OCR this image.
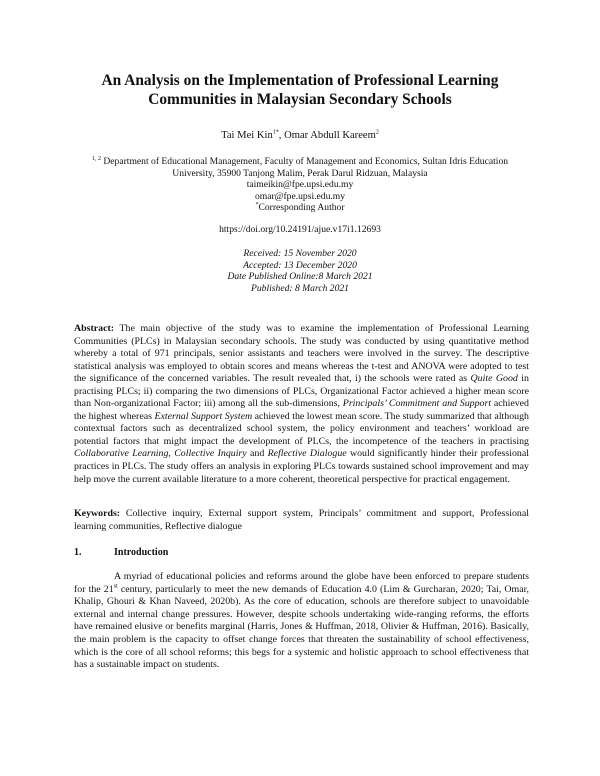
An Analysis on the Implementation of Professional Learning
Communities in Malaysian Secondary Schools
Tai Mei Kin$^{1*}$, Omar Abdull Kareem$^2$
$^{1, 2}$ Department of Educational Management, Faculty of Management and Economics, Sultan Idris Education
University, 35900 Tanjong Malim, Perak Darul Ridzuan, Malaysia
taimeikin@fpe.upsi.edu.my
omar@fpe.upsi.edu.my
*Corresponding Author
https://doi.org/10.24191/ajue.v17i1.12693
Received: 15 November 2020
Accepted: 13 December 2020
Date Published Online:8 March 2021
Published: 8 March 2021
Abstract: The main objective of the study was to examine the implementation of Professional Learning Communities (PLCs) in Malaysian secondary schools. The study was conducted by using quantitative method whereby a total of 971 principals, senior assistants and teachers were involved in the survey. The descriptive statistical analysis was employed to obtain scores and means whereas the t-test and ANOVA were adopted to test the significance of the concerned variables. The result revealed that, i) the schools were rated as Quite Good in practising PLCs; ii) comparing the two dimensions of PLCs, Organizational Factor achieved a higher mean score than Non-organizational Factor; iii) among all the sub-dimensions, Principals’ Commitment and Support achieved the highest whereas External Support System achieved the lowest mean score. The study summarized that although contextual factors such as decentralized school system, the policy environment and teachers’ workload are potential factors that might impact the development of PLCs, the incompetence of the teachers in practising Collaborative Learning, Collective Inquiry and Reflective Dialogue would significantly hinder their professional practices in PLCs. The study offers an analysis in exploring PLCs towards sustained school improvement and may help move the current available literature to a more coherent, theoretical perspective for practical engagement.
Keywords: Collective inquiry, External support system, Principals’ commitment and support, Professional learning communities, Reflective dialogue
1.	Introduction
A myriad of educational policies and reforms around the globe have been enforced to prepare students for the 21st century, particularly to meet the new demands of Education 4.0 (Lim & Gurcharan, 2020; Tai, Omar, Khalip, Ghouri & Khan Naveed, 2020b). As the core of education, schools are therefore subject to unavoidable external and internal change pressures. However, despite schools undertaking wide-ranging reforms, the efforts have remained elusive or benefits marginal (Harris, Jones & Huffman, 2018, Olivier & Huffman, 2016). Basically, the main problem is the capacity to offset change forces that threaten the sustainability of school effectiveness, which is the core of all school reforms; this begs for a systemic and holistic approach to school effectiveness that has a sustainable impact on students.
